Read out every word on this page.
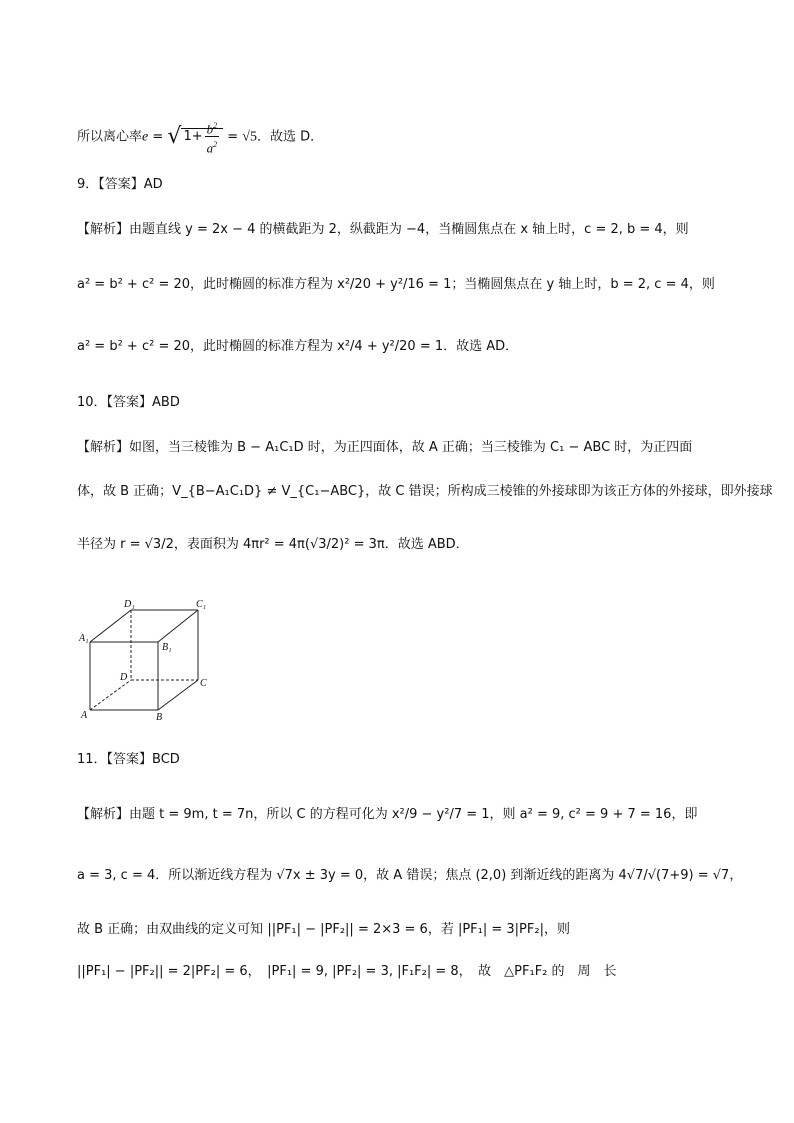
所以离心率e = √ $1+ \frac{b^2}{a^2} = √5$．故选 D．
9．【答案】AD
【解析】由题直线 y = 2x − 4 的横截距为 2，纵截距为 −4，当椭圆焦点在 x 轴上时，c = 2, b = 4，则
a² = b² + c² = 20，此时椭圆的标准方程为 x²/20 + y²/16 = 1；当椭圆焦点在 y 轴上时，b = 2, c = 4，则
a² = b² + c² = 20，此时椭圆的标准方程为 x²/4 + y²/20 = 1．故选 AD．
10．【答案】ABD
【解析】如图，当三棱锥为 B − A₁C₁D 时，为正四面体，故 A 正确；当三棱锥为 C₁ − ABC 时，为正四面
体，故 B 正确；V_{B−A₁C₁D} ≠ V_{C₁−ABC}，故 C 错误；所构成三棱锥的外接球即为该正方体的外接球，即外接球
半径为 r = √3/2，表面积为 4πr² = 4π(√3/2)² = 3π．故选 ABD．
D₁	C₁
A₁
B₁
D
C
A	B
11．【答案】BCD
【解析】由题 t = 9m, t = 7n，所以 C 的方程可化为 x²/9 − y²/7 = 1，则 a² = 9, c² = 9 + 7 = 16，即
a = 3, c = 4．所以渐近线方程为 √7x ± 3y = 0，故 A 错误；焦点 (2,0) 到渐近线的距离为 4√7/√(7+9) = √7，
故 B 正确；由双曲线的定义可知 ||PF₁| − |PF₂|| = 2×3 = 6，若 |PF₁| = 3|PF₂|，则
||PF₁| − |PF₂|| = 2|PF₂| = 6，　|PF₁| = 9, |PF₂| = 3, |F₁F₂| = 8，　故　△PF₁F₂ 的　周　长
